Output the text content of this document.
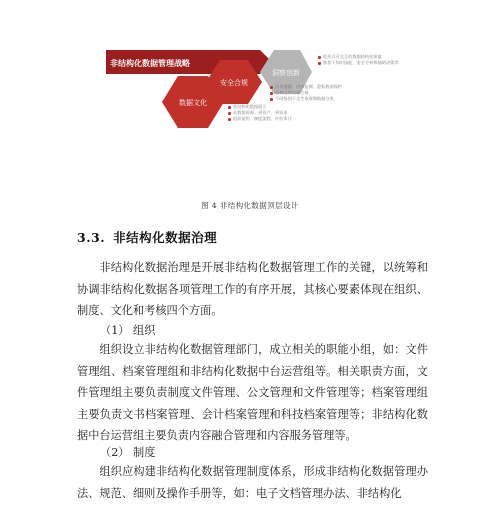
非结构化数据管理战略
洞察创新
安全合规
数据文化
促形式可交互的数据结构化探索
推荐下知识技能、安全分析和辅助决策等
法规遵循、内审监测、隐私数据保护
各种文件实事合规
不同级别下全生命周期数据分类
非结构化数据展示
从数据资源、到资产、到资本
组织架构、制度流程、评估审计
图 4 非结构化数据顶层设计
3.3. 非结构化数据治理
非结构化数据治理是开展非结构化数据管理工作的关键，以统筹和协调非结构化数据各项管理工作的有序开展，其核心要素体现在组织、制度、文化和考核四个方面。
（1） 组织
组织设立非结构化数据管理部门，成立相关的职能小组，如：文件管理组、档案管理组和非结构化数据中台运营组等。相关职责方面，文件管理组主要负责制度文件管理、公文管理和文件管理等；档案管理组主要负责文书档案管理、会计档案管理和科技档案管理等；非结构化数据中台运营组主要负责内容融合管理和内容服务管理等。
（2） 制度
组织应构建非结构化数据管理制度体系，形成非结构化数据管理办法、规范、细则及操作手册等，如：电子文档管理办法、非结构化
